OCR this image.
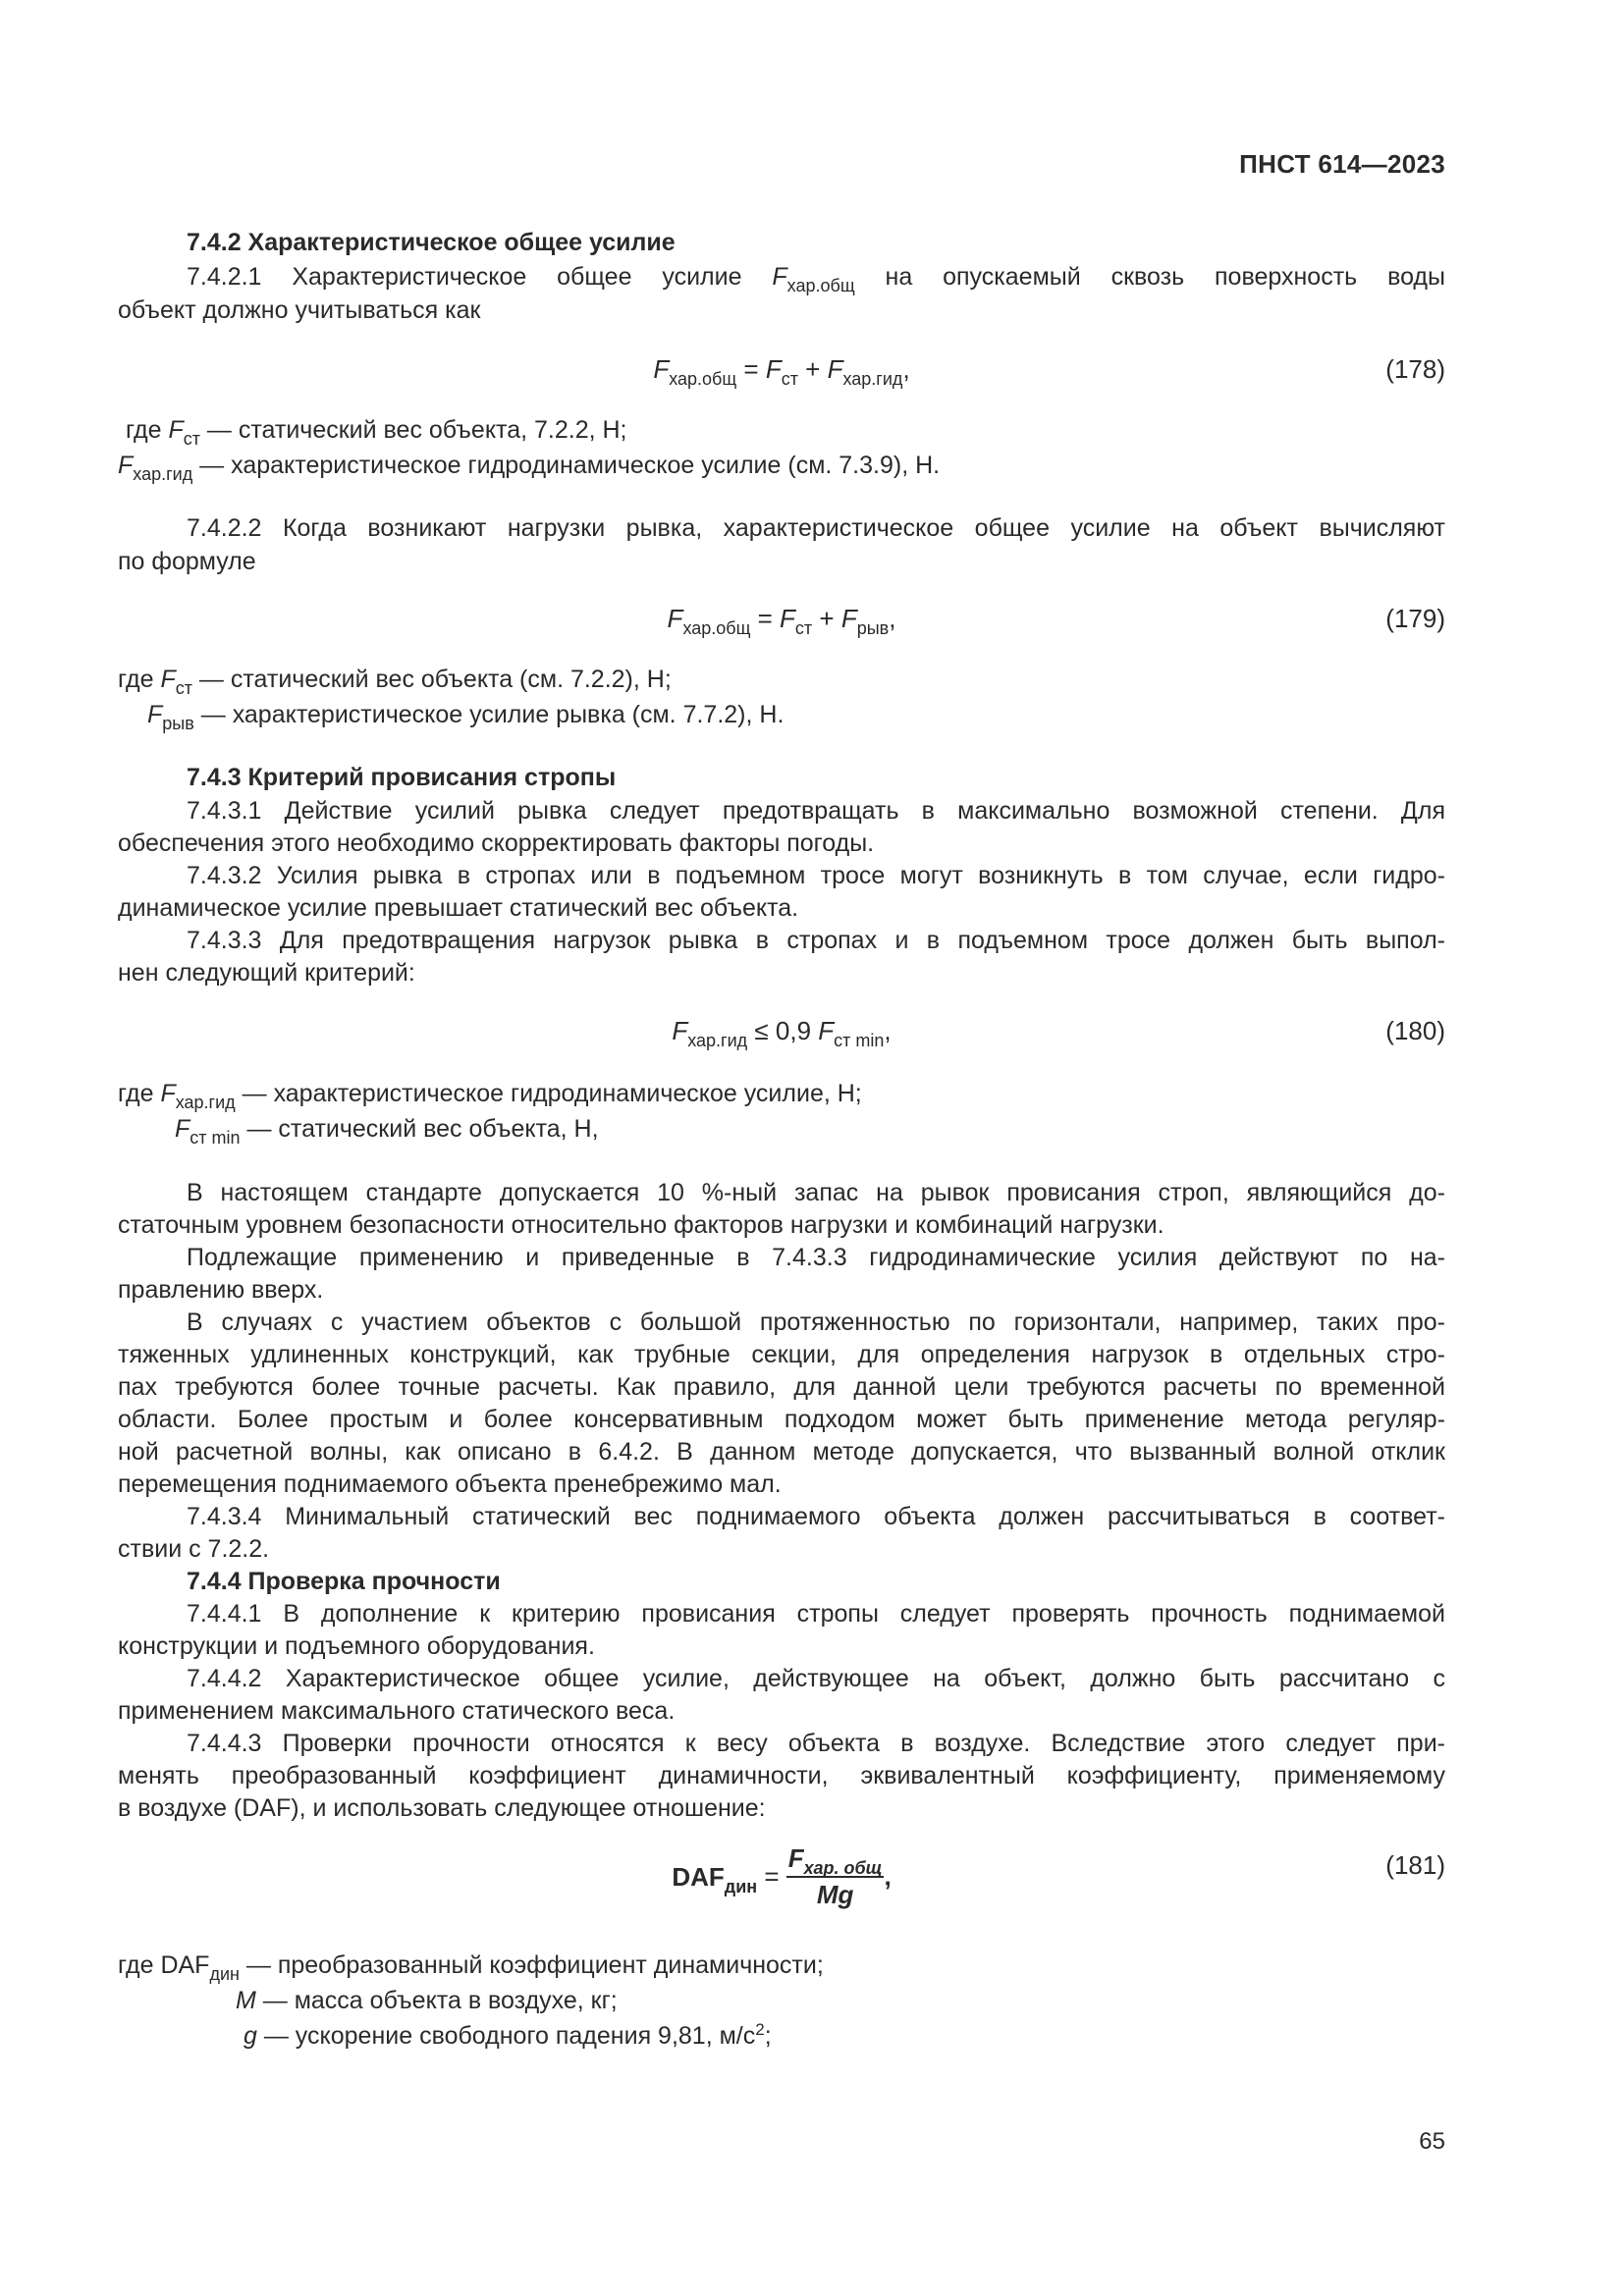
ПНСТ 614—2023
7.4.2 Характеристическое общее усилие
7.4.2.1 Характеристическое общее усилие $F_{хар.общ}$ на опускаемый сквозь поверхность воды
объект должно учитываться как
$F_{хар.общ} = F_{ст} + F_{хар.гид}$,	(178)
где $F_{ст}$ — статический вес объекта, 7.2.2, Н;
$F_{хар.гид}$ — характеристическое гидродинамическое усилие (см. 7.3.9), Н.
7.4.2.2 Когда возникают нагрузки рывка, характеристическое общее усилие на объект вычисляют
по формуле
$F_{хар.общ} = F_{ст} + F_{рыв}$,	(179)
где $F_{ст}$ — статический вес объекта (см. 7.2.2), Н;
$F_{рыв}$ — характеристическое усилие рывка (см. 7.7.2), Н.
7.4.3 Критерий провисания стропы
7.4.3.1 Действие усилий рывка следует предотвращать в максимально возможной степени. Для
обеспечения этого необходимо скорректировать факторы погоды.
7.4.3.2 Усилия рывка в стропах или в подъемном тросе могут возникнуть в том случае, если гидро-
динамическое усилие превышает статический вес объекта.
7.4.3.3 Для предотвращения нагрузок рывка в стропах и в подъемном тросе должен быть выпол-
нен следующий критерий:
$F_{хар.гид} \le 0,9$ $F_{ст min}$,	(180)
где $F_{хар.гид}$ — характеристическое гидродинамическое усилие, Н;
$F_{ст min}$ — статический вес объекта, Н,
В настоящем стандарте допускается 10 %-ный запас на рывок провисания строп, являющийся до-
статочным уровнем безопасности относительно факторов нагрузки и комбинаций нагрузки.
Подлежащие применению и приведенные в 7.4.3.3 гидродинамические усилия действуют по на-
правлению вверх.
В случаях с участием объектов с большой протяженностью по горизонтали, например, таких про-
тяженных удлиненных конструкций, как трубные секции, для определения нагрузок в отдельных стро-
пах требуются более точные расчеты. Как правило, для данной цели требуются расчеты по временной
области. Более простым и более консервативным подходом может быть применение метода регуляр-
ной расчетной волны, как описано в 6.4.2. В данном методе допускается, что вызванный волной отклик
перемещения поднимаемого объекта пренебрежимо мал.
7.4.3.4 Минимальный статический вес поднимаемого объекта должен рассчитываться в соответ-
ствии с 7.2.2.
7.4.4 Проверка прочности
7.4.4.1 В дополнение к критерию провисания стропы следует проверять прочность поднимаемой
конструкции и подъемного оборудования.
7.4.4.2 Характеристическое общее усилие, действующее на объект, должно быть рассчитано с
применением максимального статического веса.
7.4.4.3 Проверки прочности относятся к весу объекта в воздухе. Вследствие этого следует при-
менять преобразованный коэффициент динамичности, эквивалентный коэффициенту, применяемому
в воздухе (DAF), и использовать следующее отношение:
$DAF_{дин} = \frac{F_{хар. общ}}{Mg}$ ,	(181)
где $DAF_{дин}$ — преобразованный коэффициент динамичности;
M — масса объекта в воздухе, кг;
g — ускорение свободного падения 9,81, $м/с^2$;
65
